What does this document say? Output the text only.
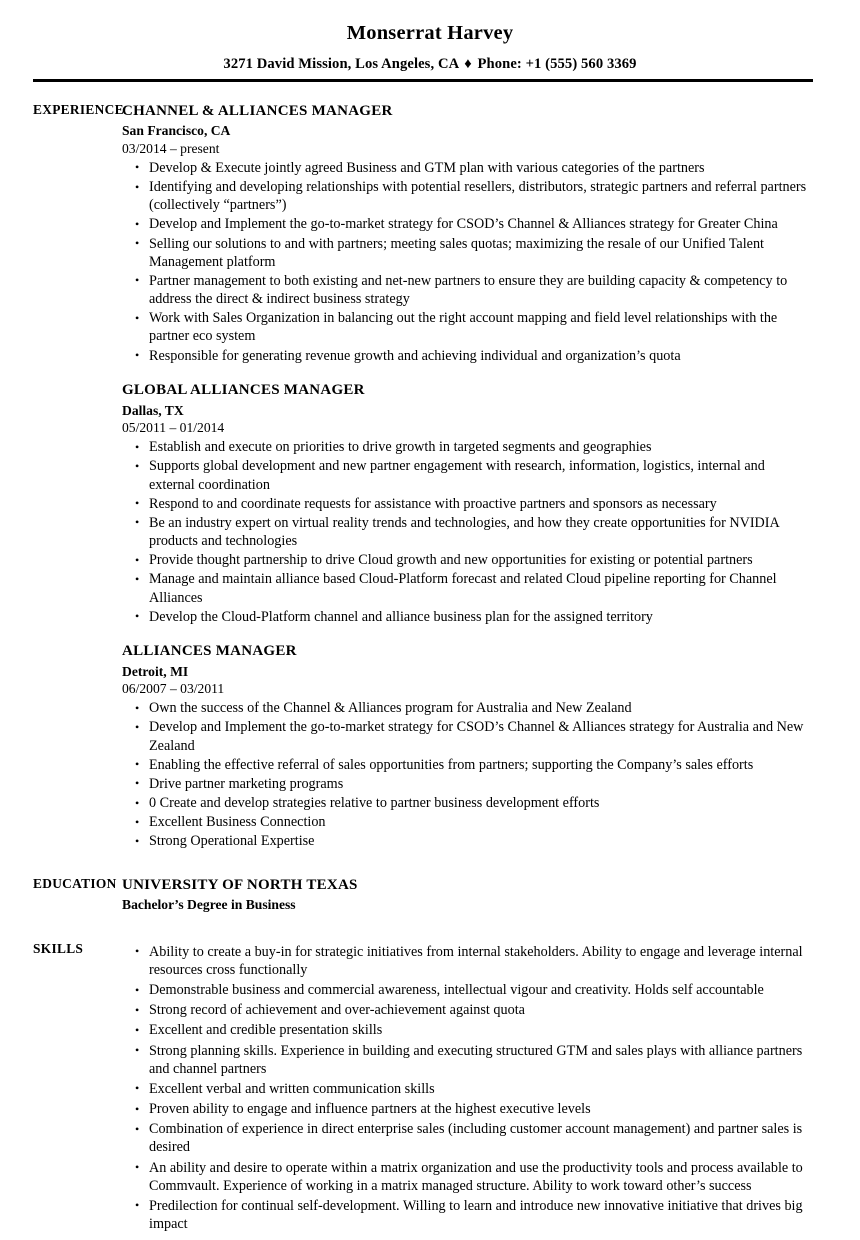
Monserrat Harvey
3271 David Mission, Los Angeles, CA ♦ Phone: +1 (555) 560 3369
EXPERIENCE
CHANNEL & ALLIANCES MANAGER
San Francisco, CA
03/2014 – present
• Develop & Execute jointly agreed Business and GTM plan with various categories of the partners
• Identifying and developing relationships with potential resellers, distributors, strategic partners and referral partners (collectively “partners”)
• Develop and Implement the go-to-market strategy for CSOD’s Channel & Alliances strategy for Greater China
• Selling our solutions to and with partners; meeting sales quotas; maximizing the resale of our Unified Talent Management platform
• Partner management to both existing and net-new partners to ensure they are building capacity & competency to address the direct & indirect business strategy
• Work with Sales Organization in balancing out the right account mapping and field level relationships with the partner eco system
• Responsible for generating revenue growth and achieving individual and organization’s quota
GLOBAL ALLIANCES MANAGER
Dallas, TX
05/2011 – 01/2014
• Establish and execute on priorities to drive growth in targeted segments and geographies
• Supports global development and new partner engagement with research, information, logistics, internal and external coordination
• Respond to and coordinate requests for assistance with proactive partners and sponsors as necessary
• Be an industry expert on virtual reality trends and technologies, and how they create opportunities for NVIDIA products and technologies
• Provide thought partnership to drive Cloud growth and new opportunities for existing or potential partners
• Manage and maintain alliance based Cloud-Platform forecast and related Cloud pipeline reporting for Channel Alliances
• Develop the Cloud-Platform channel and alliance business plan for the assigned territory
ALLIANCES MANAGER
Detroit, MI
06/2007 – 03/2011
• Own the success of the Channel & Alliances program for Australia and New Zealand
• Develop and Implement the go-to-market strategy for CSOD’s Channel & Alliances strategy for Australia and New Zealand
• Enabling the effective referral of sales opportunities from partners; supporting the Company’s sales efforts
• Drive partner marketing programs
• 0 Create and develop strategies relative to partner business development efforts
• Excellent Business Connection
• Strong Operational Expertise
EDUCATION UNIVERSITY OF NORTH TEXAS
Bachelor’s Degree in Business
SKILLS	• Ability to create a buy-in for strategic initiatives from internal stakeholders. Ability to engage and leverage internal resources cross functionally
• Demonstrable business and commercial awareness, intellectual vigour and creativity. Holds self accountable
• Strong record of achievement and over-achievement against quota
• Excellent and credible presentation skills
• Strong planning skills. Experience in building and executing structured GTM and sales plays with alliance partners and channel partners
• Excellent verbal and written communication skills
• Proven ability to engage and influence partners at the highest executive levels
• Combination of experience in direct enterprise sales (including customer account management) and partner sales is desired
• An ability and desire to operate within a matrix organization and use the productivity tools and process available to Commvault. Experience of working in a matrix managed structure. Ability to work toward other’s success
• Predilection for continual self-development. Willing to learn and introduce new innovative initiative that drives big impact
